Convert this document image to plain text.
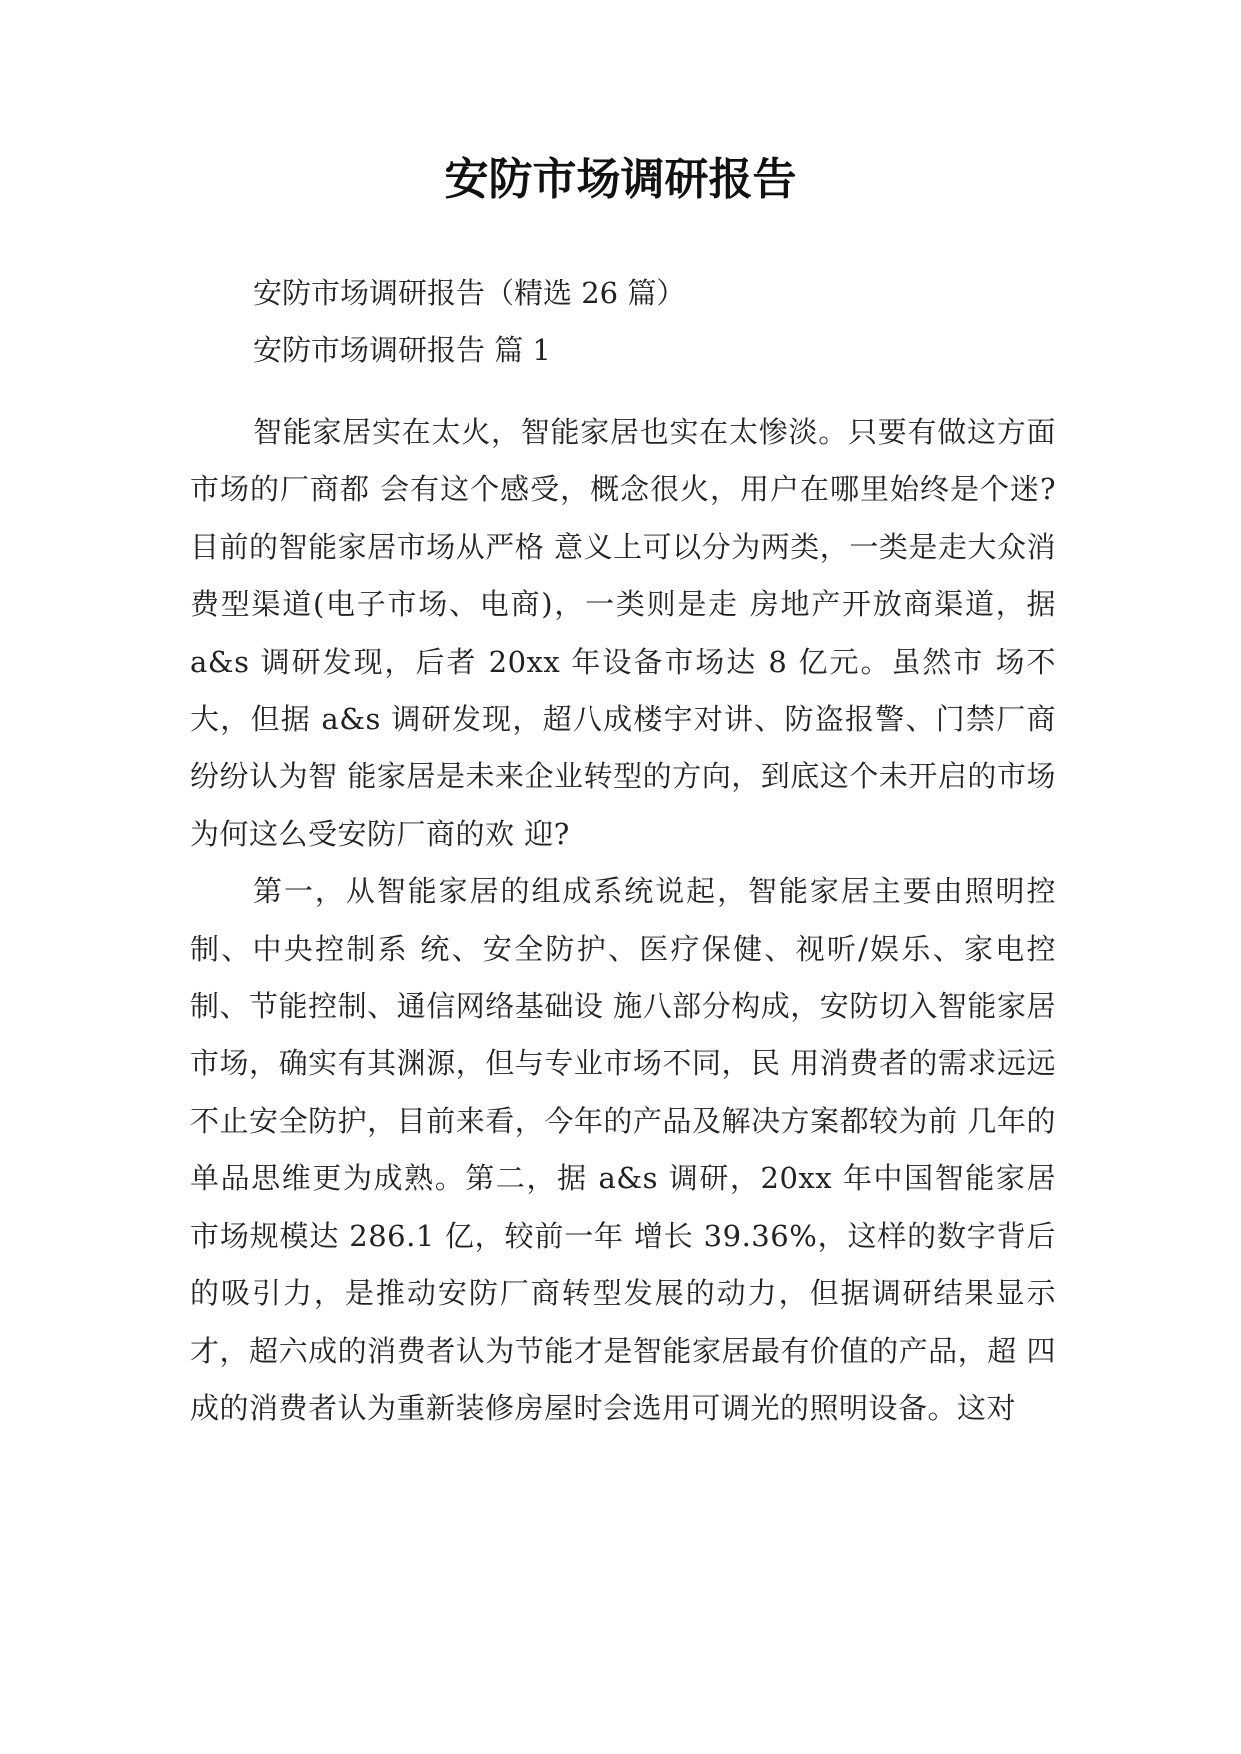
安防市场调研报告
安防市场调研报告（精选 26 篇）
安防市场调研报告 篇 1

智能家居实在太火，智能家居也实在太惨淡。只要有做这方面市场的厂商都 会有这个感受，概念很火，用户在哪里始终是个迷?目前的智能家居市场从严格 意义上可以分为两类，一类是走大众消费型渠道(电子市场、电商)，一类则是走 房地产开放商渠道，据 a&s 调研发现，后者 20xx 年设备市场达 8 亿元。虽然市 场不大，但据 a&s 调研发现，超八成楼宇对讲、防盗报警、门禁厂商纷纷认为智 能家居是未来企业转型的方向，到底这个未开启的市场为何这么受安防厂商的欢 迎?

第一，从智能家居的组成系统说起，智能家居主要由照明控制、中央控制系 统、安全防护、医疗保健、视听/娱乐、家电控制、节能控制、通信网络基础设 施八部分构成，安防切入智能家居市场，确实有其渊源，但与专业市场不同，民 用消费者的需求远远不止安全防护，目前来看，今年的产品及解决方案都较为前 几年的单品思维更为成熟。第二，据 a&s 调研，20xx 年中国智能家居市场规模达 286.1 亿，较前一年 增长 39.36%，这样的数字背后的吸引力，是推动安防厂商转型发展的动力，但据调研结果显示才，超六成的消费者认为节能才是智能家居最有价值的产品，超 四成的消费者认为重新装修房屋时会选用可调光的照明设备。这对
